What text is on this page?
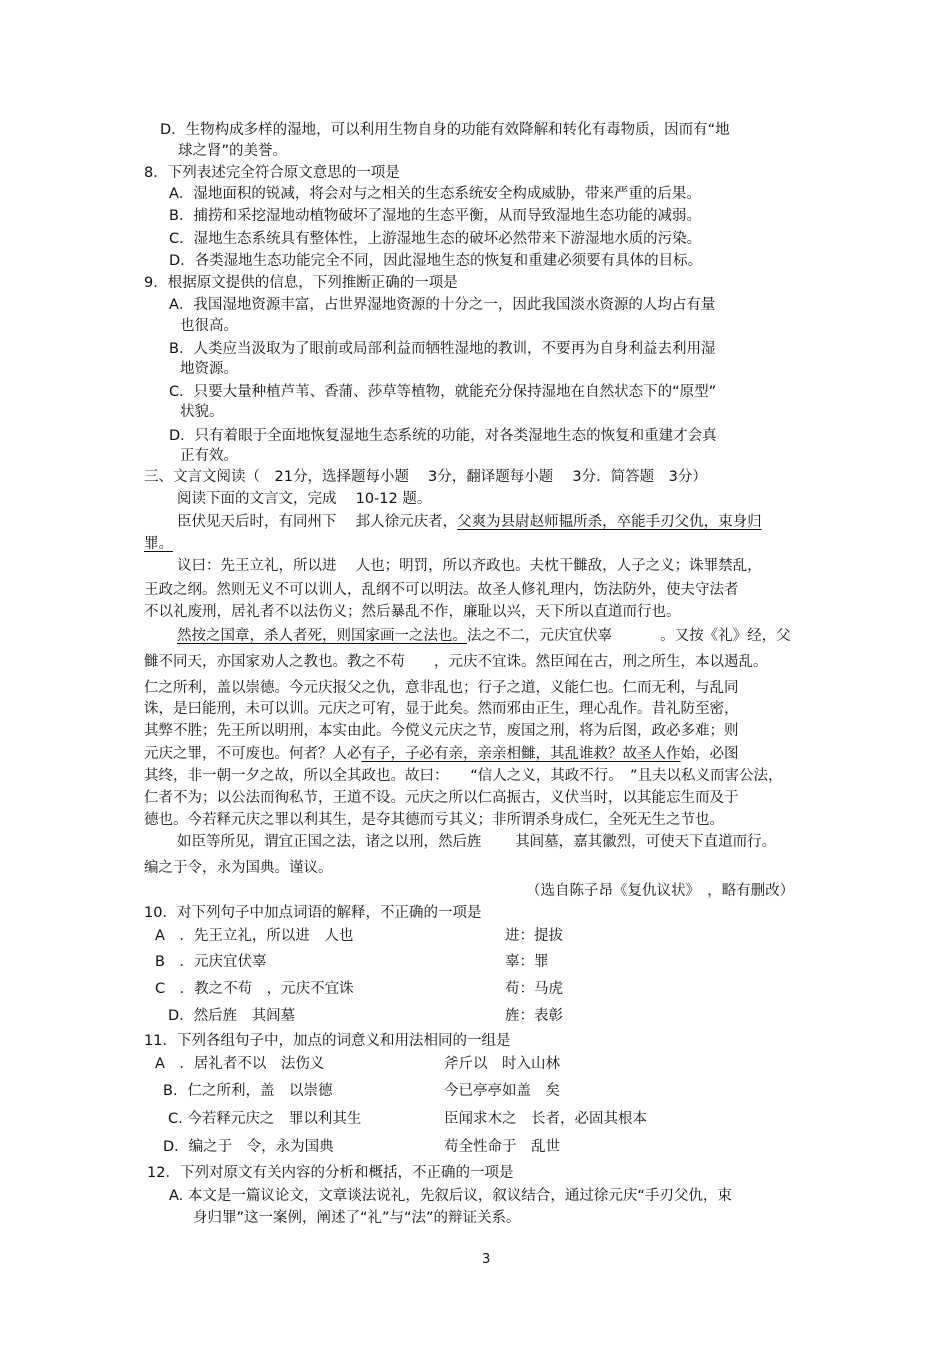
D．生物构成多样的湿地，可以利用生物自身的功能有效降解和转化有毒物质，因而有“地
球之肾”的美誉。
8．下列表述完全符合原文意思的一项是
A．湿地面积的锐减，将会对与之相关的生态系统安全构成威胁，带来严重的后果。
B．捕捞和采挖湿地动植物破坏了湿地的生态平衡，从而导致湿地生态功能的减弱。
C．湿地生态系统具有整体性，上游湿地生态的破坏必然带来下游湿地水质的污染。
D．各类湿地生态功能完全不同，因此湿地生态的恢复和重建必须要有具体的目标。
9．根据原文提供的信息，下列推断正确的一项是
A．我国湿地资源丰富，占世界湿地资源的十分之一，因此我国淡水资源的人均占有量
也很高。
B．人类应当汲取为了眼前或局部利益而牺牲湿地的教训，不要再为自身利益去利用湿
地资源。
C．只要大量种植芦苇、香蒲、莎草等植物，就能充分保持湿地在自然状态下的“原型”
状貌。
D．只有着眼于全面地恢复湿地生态系统的功能，对各类湿地生态的恢复和重建才会真
正有效。
三、文言文阅读（　21分，选择题每小题　 3分，翻译题每小题　 3分．简答题　3分）
阅读下面的文言文，完成　 10-12 题。
臣伏见天后时，有同州下　 邽人徐元庆者，父爽为县尉赵师韫所杀，卒能手刃父仇，束身归
罪。
议曰：先王立礼，所以进　 人也；明罚，所以齐政也。夫枕干雠敌，人子之义；诛罪禁乱，
王政之纲。然则无义不可以训人，乱纲不可以明法。故圣人修礼理内，饬法防外，使夫守法者
不以礼废刑，居礼者不以法伤义；然后暴乱不作，廉耻以兴，天下所以直道而行也。
然按之国章，杀人者死，则国家画一之法也。法之不二，元庆宜伏辜　　　 。又按《礼》经，父
雠不同天，亦国家劝人之教也。教之不苟　　，元庆不宜诛。然臣闻在古，刑之所生，本以遏乱。
仁之所利，盖以崇德。今元庆报父之仇，意非乱也；行子之道，义能仁也。仁而无利，与乱同
诛，是曰能刑，未可以训。元庆之可宥，显于此矣。然而邪由正生，理心乱作。昔礼防至密，
其弊不胜；先王所以明刑，本实由此。今傥义元庆之节，废国之刑，将为后图，政必多难；则
元庆之罪，不可废也。何者？人必有子，子必有亲，亲亲相雠，其乱谁救？故圣人作始，必图
其终，非一朝一夕之故，所以全其政也。故曰：　　“信人之义，其政不行。　”且夫以私义而害公法，
仁者不为；以公法而徇私节，王道不设。元庆之所以仁高振古，义伏当时，以其能忘生而及于
德也。今若释元庆之罪以利其生，是夺其德而亏其义；非所谓杀身成仁，全死无生之节也。
如臣等所见，谓宜正国之法，诸之以刑，然后旌　　 其闾墓，嘉其徽烈，可使天下直道而行。
编之于令，永为国典。谨议。
（选自陈子昂《复仇议状》　，略有删改）
10．对下列句子中加点词语的解释，不正确的一项是
A　．先王立礼，所以进　人也	进：提拔
B　．元庆宜伏辜	辜：罪
C　．教之不苟　，元庆不宜诛	苟：马虎
D．然后旌　其闾墓	旌：表彰
11．下列各组句子中，加点的词意义和用法相同的一组是
A　．居礼者不以　法伤义	斧斤以　时入山林
B．仁之所利，盖　以崇德	今已亭亭如盖　矣
C. 今若释元庆之　罪以利其生	臣闻求木之　长者，必固其根本
D．编之于　令，永为国典	苟全性命于　乱世
12．下列对原文有关内容的分析和概括，不正确的一项是
A. 本文是一篇议论文，文章谈法说礼，先叙后议，叙议结合，通过徐元庆“手刃父仇，束
身归罪”这一案例，阐述了“礼”与“法”的辩证关系。
3
